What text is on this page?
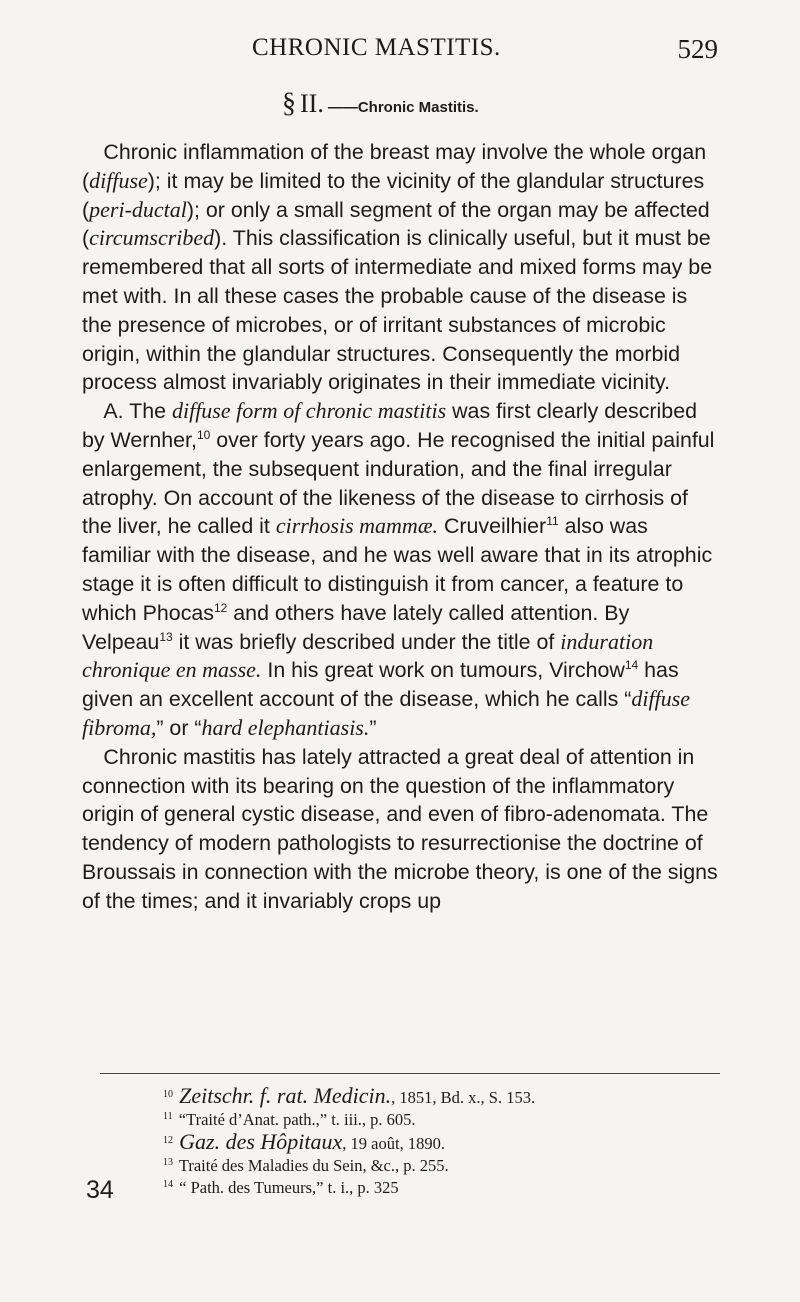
CHRONIC MASTITIS.	529
§ II. ——Chronic Mastitis.

Chronic inflammation of the breast may involve the whole organ (diffuse); it may be limited to the vicinity of the glandular structures (peri-ductal); or only a small segment of the organ may be affected (circumscribed). This classification is clinically useful, but it must be remembered that all sorts of intermediate and mixed forms may be met with. In all these cases the probable cause of the disease is the presence of microbes, or of irritant substances of microbic origin, within the glandular structures. Consequently the morbid process almost invariably originates in their immediate vicinity.

A. The diffuse form of chronic mastitis was first clearly described by Wernher,$^{10}$ over forty years ago. He recognised the initial painful enlargement, the subsequent induration, and the final irregular atrophy. On account of the likeness of the disease to cirrhosis of the liver, he called it cirrhosis mammæ. Cruveilhier$^{11}$ also was familiar with the disease, and he was well aware that in its atrophic stage it is often difficult to distinguish it from cancer, a feature to which Phocas$^{12}$ and others have lately called attention. By Velpeau$^{13}$ it was briefly described under the title of induration chronique en masse. In his great work on tumours, Virchow$^{14}$ has given an excellent account of the disease, which he calls “diffuse fibroma,” or “hard elephantiasis.”

Chronic mastitis has lately attracted a great deal of attention in connection with its bearing on the question of the inflammatory origin of general cystic disease, and even of fibro-adenomata. The tendency of modern pathologists to resurrectionise the doctrine of Broussais in connection with the microbe theory, is one of the signs of the times; and it invariably crops up

$^{10}$ Zeitschr. f. rat. Medicin., 1851, Bd. x., S. 153.
$^{11}$ “Traité d’Anat. path.,” t. iii., p. 605.
$^{12}$ Gaz. des Hôpitaux, 19 août, 1890.
$^{13}$ Traité des Maladies du Sein, &c., p. 255.
$^{14}$ “ Path. des Tumeurs,” t. i., p. 325
34
